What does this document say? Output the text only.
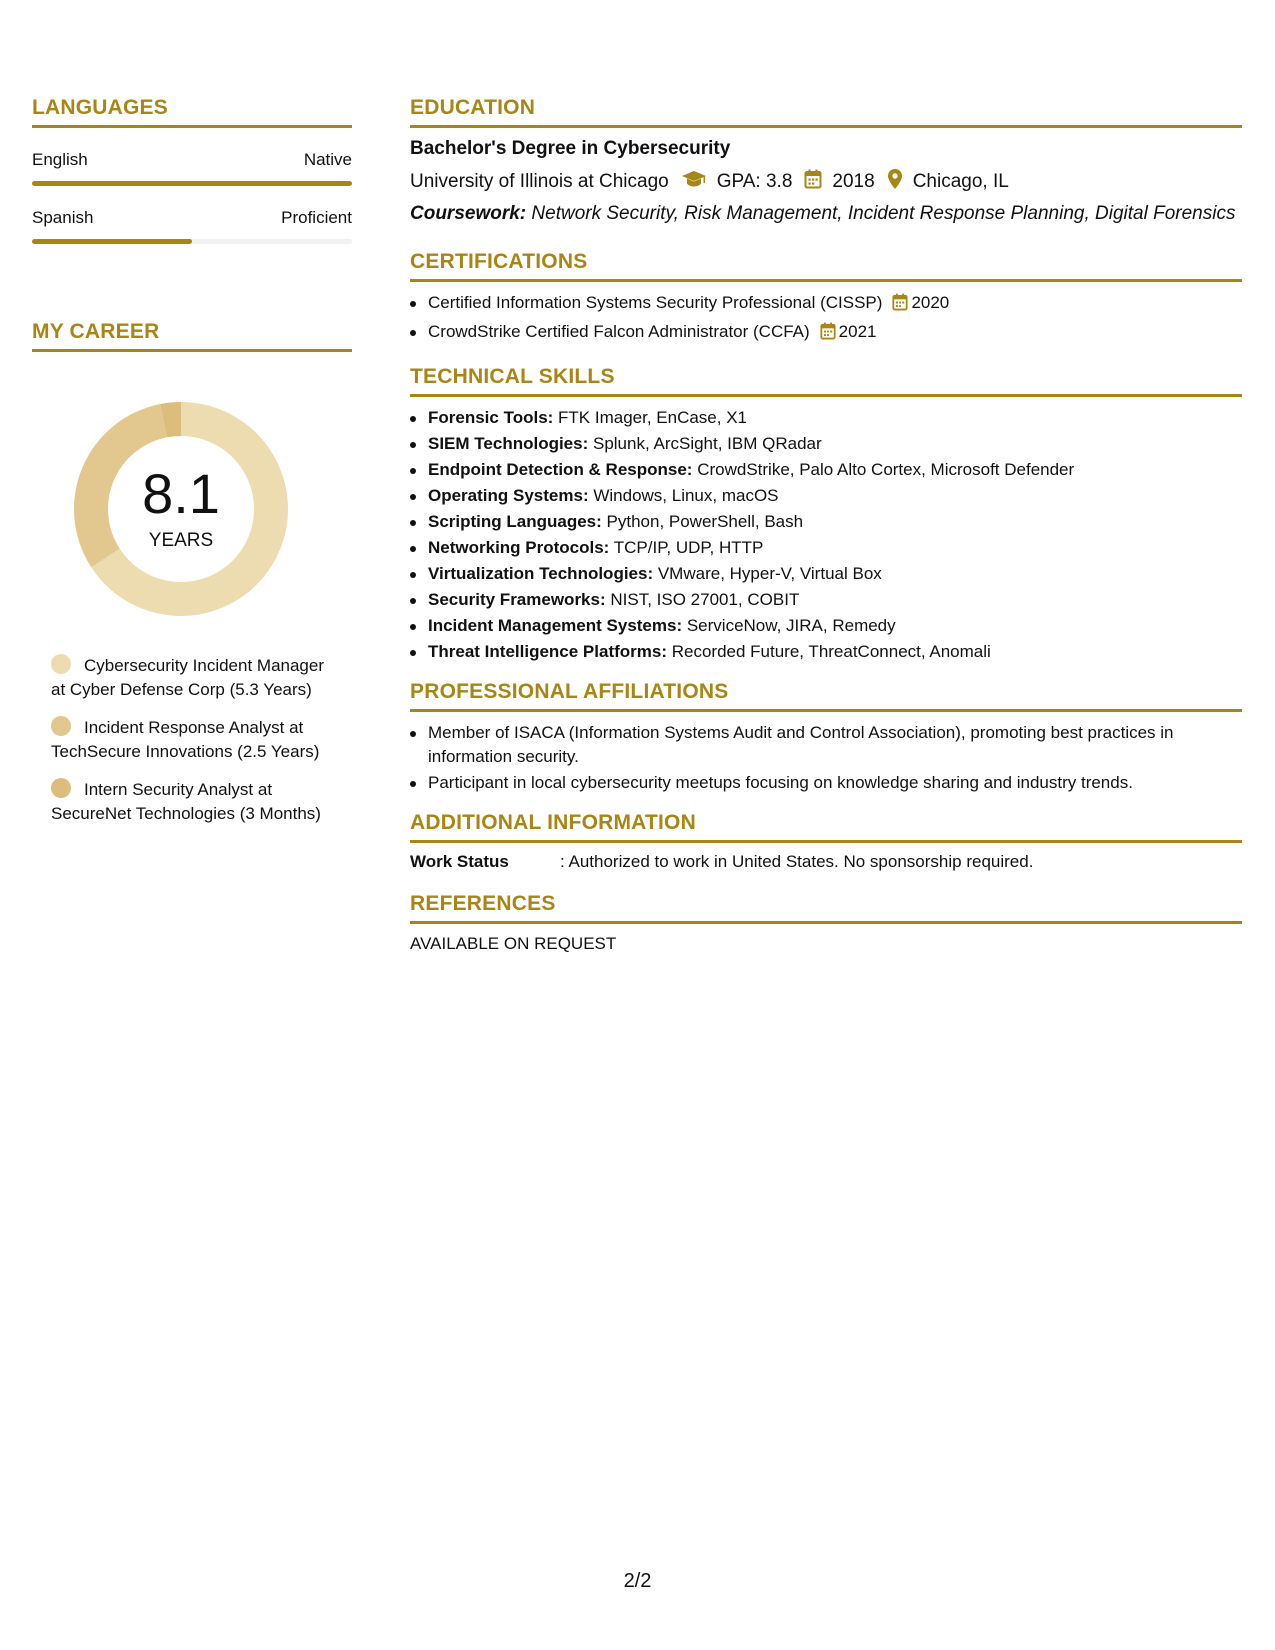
LANGUAGES
English	Native
Spanish	Proficient
MY CAREER
8.1
YEARS
Cybersecurity Incident Manager at Cyber Defense Corp (5.3 Years)
Incident Response Analyst at TechSecure Innovations (2.5 Years)
Intern Security Analyst at SecureNet Technologies (3 Months)
EDUCATION
Bachelor's Degree in Cybersecurity
University of Illinois at Chicago	GPA: 3.8 2018 Chicago, IL
Coursework: Network Security, Risk Management, Incident Response Planning, Digital Forensics
CERTIFICATIONS
Certified Information Systems Security Professional (CISSP) 2020
CrowdStrike Certified Falcon Administrator (CCFA) 2021
TECHNICAL SKILLS
Forensic Tools: FTK Imager, EnCase, X1
SIEM Technologies: Splunk, ArcSight, IBM QRadar
Endpoint Detection & Response: CrowdStrike, Palo Alto Cortex, Microsoft Defender
Operating Systems: Windows, Linux, macOS
Scripting Languages: Python, PowerShell, Bash
Networking Protocols: TCP/IP, UDP, HTTP
Virtualization Technologies: VMware, Hyper-V, Virtual Box
Security Frameworks: NIST, ISO 27001, COBIT
Incident Management Systems: ServiceNow, JIRA, Remedy
Threat Intelligence Platforms: Recorded Future, ThreatConnect, Anomali
PROFESSIONAL AFFILIATIONS
Member of ISACA (Information Systems Audit and Control Association), promoting best practices in information security.
Participant in local cybersecurity meetups focusing on knowledge sharing and industry trends.
ADDITIONAL INFORMATION
Work Status	: Authorized to work in United States. No sponsorship required.
REFERENCES
AVAILABLE ON REQUEST
2/2
